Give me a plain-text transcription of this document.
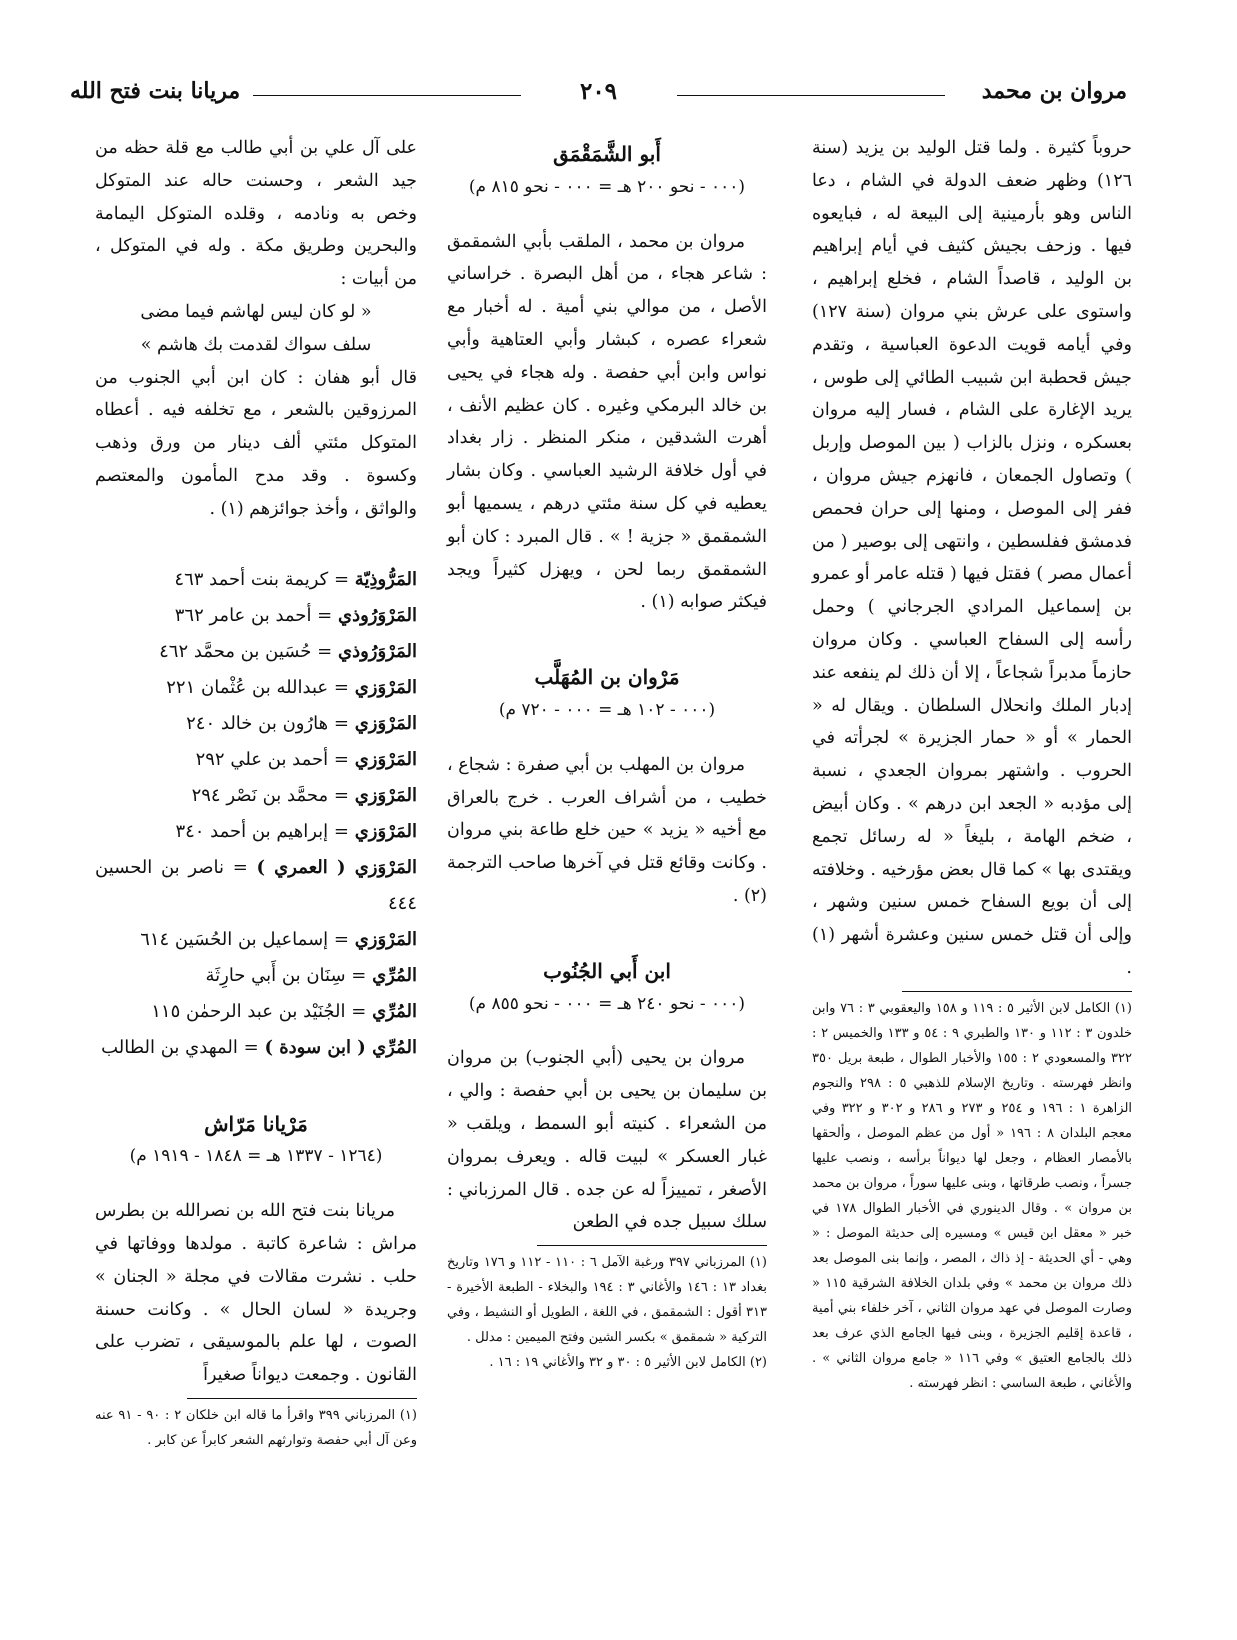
مروان بن محمد
٢٠٩
مريانا بنت فتح الله

حروباً كثيرة . ولما قتل الوليد بن يزيد (سنة ١٢٦) وظهر ضعف الدولة في الشام ، دعا الناس وهو بأرمينية إلى البيعة له ، فبايعوه فيها . وزحف بجيش كثيف في أيام إبراهيم بن الوليد ، قاصداً الشام ، فخلع إبراهيم ، واستوى على عرش بني مروان (سنة ١٢٧) وفي أيامه قويت الدعوة العباسية ، وتقدم جيش قحطبة ابن شبيب الطائي إلى طوس ، يريد الإغارة على الشام ، فسار إليه مروان بعسكره ، ونزل بالزاب ( بين الموصل وإربل ) وتصاول الجمعان ، فانهزم جيش مروان ، ففر إلى الموصل ، ومنها إلى حران فحمص فدمشق ففلسطين ، وانتهى إلى بوصير ( من أعمال مصر ) فقتل فيها ( قتله عامر أو عمرو بن إسماعيل المرادي الجرجاني ) وحمل رأسه إلى السفاح العباسي . وكان مروان حازماً مدبراً شجاعاً ، إلا أن ذلك لم ينفعه عند إدبار الملك وانحلال السلطان . ويقال له « الحمار » أو « حمار الجزيرة » لجرأته في الحروب . واشتهر بمروان الجعدي ، نسبة إلى مؤدبه « الجعد ابن درهم » . وكان أبيض ، ضخم الهامة ، بليغاً « له رسائل تجمع ويقتدى بها » كما قال بعض مؤرخيه . وخلافته إلى أن بويع السفاح خمس سنين وشهر ، وإلى أن قتل خمس سنين وعشرة أشهر (١) .

(١) الكامل لابن الأثير ٥ : ١١٩ و ١٥٨ واليعقوبي ٣ : ٧٦ وابن خلدون ٣ : ١١٢ و ١٣٠ والطبري ٩ : ٥٤ و ١٣٣ والخميس ٢ : ٣٢٢ والمسعودي ٢ : ١٥٥ والأخبار الطوال ، طبعة بريل ٣٥٠ وانظر فهرسته . وتاريخ الإسلام للذهبي ٥ : ٢٩٨ والنجوم الزاهرة ١ : ١٩٦ و ٢٥٤ و ٢٧٣ و ٢٨٦ و ٣٠٢ و ٣٢٢ وفي معجم البلدان ٨ : ١٩٦ « أول من عظم الموصل ، وألحقها بالأمصار العظام ، وجعل لها ديواناً برأسه ، ونصب عليها جسراً ، ونصب طرقاتها ، وبنى عليها سوراً ، مروان بن محمد بن مروان » . وقال الدينوري في الأخبار الطوال ١٧٨ في خبر « معقل ابن قيس » ومسيره إلى حديثة الموصل : « وهي - أي الحديثة - إذ ذاك ، المصر ، وإنما بنى الموصل بعد ذلك مروان بن محمد » وفي بلدان الخلافة الشرقية ١١٥ « وصارت الموصل في عهد مروان الثاني ، آخر خلفاء بني أمية ، قاعدة إقليم الجزيرة ، وبنى فيها الجامع الذي عرف بعد ذلك بالجامع العتيق » وفي ١١٦ « جامع مروان الثاني » . والأغاني ، طبعة الساسي : انظر فهرسته .

أَبو الشَّمَقْمَق
(٠٠٠ - نحو ٢٠٠ هـ = ٠٠٠ - نحو ٨١٥ م)

مروان بن محمد ، الملقب بأبي الشمقمق : شاعر هجاء ، من أهل البصرة . خراساني الأصل ، من موالي بني أمية . له أخبار مع شعراء عصره ، كبشار وأبي العتاهية وأبي نواس وابن أبي حفصة . وله هجاء في يحيى بن خالد البرمكي وغيره . كان عظيم الأنف ، أهرت الشدقين ، منكر المنظر . زار بغداد في أول خلافة الرشيد العباسي . وكان بشار يعطيه في كل سنة مئتي درهم ، يسميها أبو الشمقمق « جزية ! » . قال المبرد : كان أبو الشمقمق ربما لحن ، ويهزل كثيراً ويجد فيكثر صوابه (١) .

مَرْوان بن المُهَلَّب
(٠٠٠ - ١٠٢ هـ = ٠٠٠ - ٧٢٠ م)

مروان بن المهلب بن أبي صفرة : شجاع ، خطيب ، من أشراف العرب . خرج بالعراق مع أخيه « يزيد » حين خلع طاعة بني مروان . وكانت وقائع قتل في آخرها صاحب الترجمة (٢) .

ابن أَبي الجُنُوب
(٠٠٠ - نحو ٢٤٠ هـ = ٠٠٠ - نحو ٨٥٥ م)

مروان بن يحيى (أبي الجنوب) بن مروان بن سليمان بن يحيى بن أبي حفصة : والي ، من الشعراء . كنيته أبو السمط ، ويلقب « غبار العسكر » لبيت قاله . ويعرف بمروان الأصغر ، تمييزاً له عن جده . قال المرزباني : سلك سبيل جده في الطعن

(١) المرزباني ٣٩٧ ورغبة الآمل ٦ : ١١٠ - ١١٢ و ١٧٦ وتاريخ بغداد ١٣ : ١٤٦ والأغاني ٣ : ١٩٤ والبخلاء - الطبعة الأخيرة - ٣١٣ أقول : الشمقمق ، في اللغة ، الطويل أو النشيط ، وفي التركية « شمقمق » بكسر الشين وفتح الميمين : مدلل .

(٢) الكامل لابن الأثير ٥ : ٣٠ و ٣٢ والأغاني ١٩ : ١٦ .

على آل علي بن أبي طالب مع قلة حظه من جيد الشعر ، وحسنت حاله عند المتوكل وخص به ونادمه ، وقلده المتوكل اليمامة والبحرين وطريق مكة . وله في المتوكل ، من أبيات :

« لو كان ليس لهاشم فيما مضى

سلف سواك لقدمت بك هاشم »

قال أبو هفان : كان ابن أبي الجنوب من المرزوقين بالشعر ، مع تخلفه فيه . أعطاه المتوكل مئتي ألف دينار من ورق وذهب وكسوة . وقد مدح المأمون والمعتصم والواثق ، وأخذ جوائزهم (١) .

المَرُّوذِيّة = كريمة بنت أحمد ٤٦٣
المَرْوَرُوذي = أحمد بن عامر ٣٦٢
المَرْوَرُوذي = حُسَين بن محمَّد ٤٦٢
المَرْوَزي = عبدالله بن عُثْمان ٢٢١
المَرْوَزي = هارُون بن خالد ٢٤٠
المَرْوَزي = أحمد بن علي ٢٩٢
المَرْوَزي = محمَّد بن نَصْر ٢٩٤
المَرْوَزي = إبراهيم بن أحمد ٣٤٠
المَرْوَزي ( العمري ) = ناصر بن الحسين ٤٤٤
المَرْوَزي = إسماعيل بن الحُسَين ٦١٤
المُرِّي = سِنَان بن أَبي حارِثَة
المُرِّي = الجُنَيْد بن عبد الرحمٰن ١١٥
المُرِّي ( ابن سودة ) = المهدي بن الطالب
مَرْيانا مَرّاش
(١٢٦٤ - ١٣٣٧ هـ = ١٨٤٨ - ١٩١٩ م)

مريانا بنت فتح الله بن نصرالله بن بطرس مراش : شاعرة كاتبة . مولدها ووفاتها في حلب . نشرت مقالات في مجلة « الجنان » وجريدة « لسان الحال » . وكانت حسنة الصوت ، لها علم بالموسيقى ، تضرب على القانون . وجمعت ديواناً صغيراً

(١) المرزباني ٣٩٩ واقرأ ما قاله ابن خلكان ٢ : ٩٠ - ٩١ عنه وعن آل أبي حفصة وتوارثهم الشعر كابراً عن كابر .
